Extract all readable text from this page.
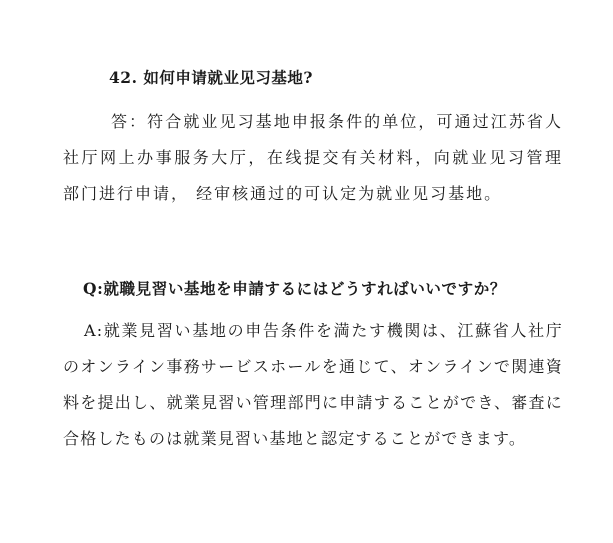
42. 如何申请就业见习基地?
答：符合就业见习基地申报条件的单位，可通过江苏省人社厅网上办事服务大厅，在线提交有关材料，向就业见习管理部门进行申请， 经审核通过的可认定为就业见习基地。
Q:就職見習い基地を申請するにはどうすればいいですか？
A:就業見習い基地の申告条件を満たす機関は、江蘇省人社庁のオンライン事務サービスホールを通じて、オンラインで関連資料を提出し、就業見習い管理部門に申請することができ、審査に合格したものは就業見習い基地と認定することができます。
